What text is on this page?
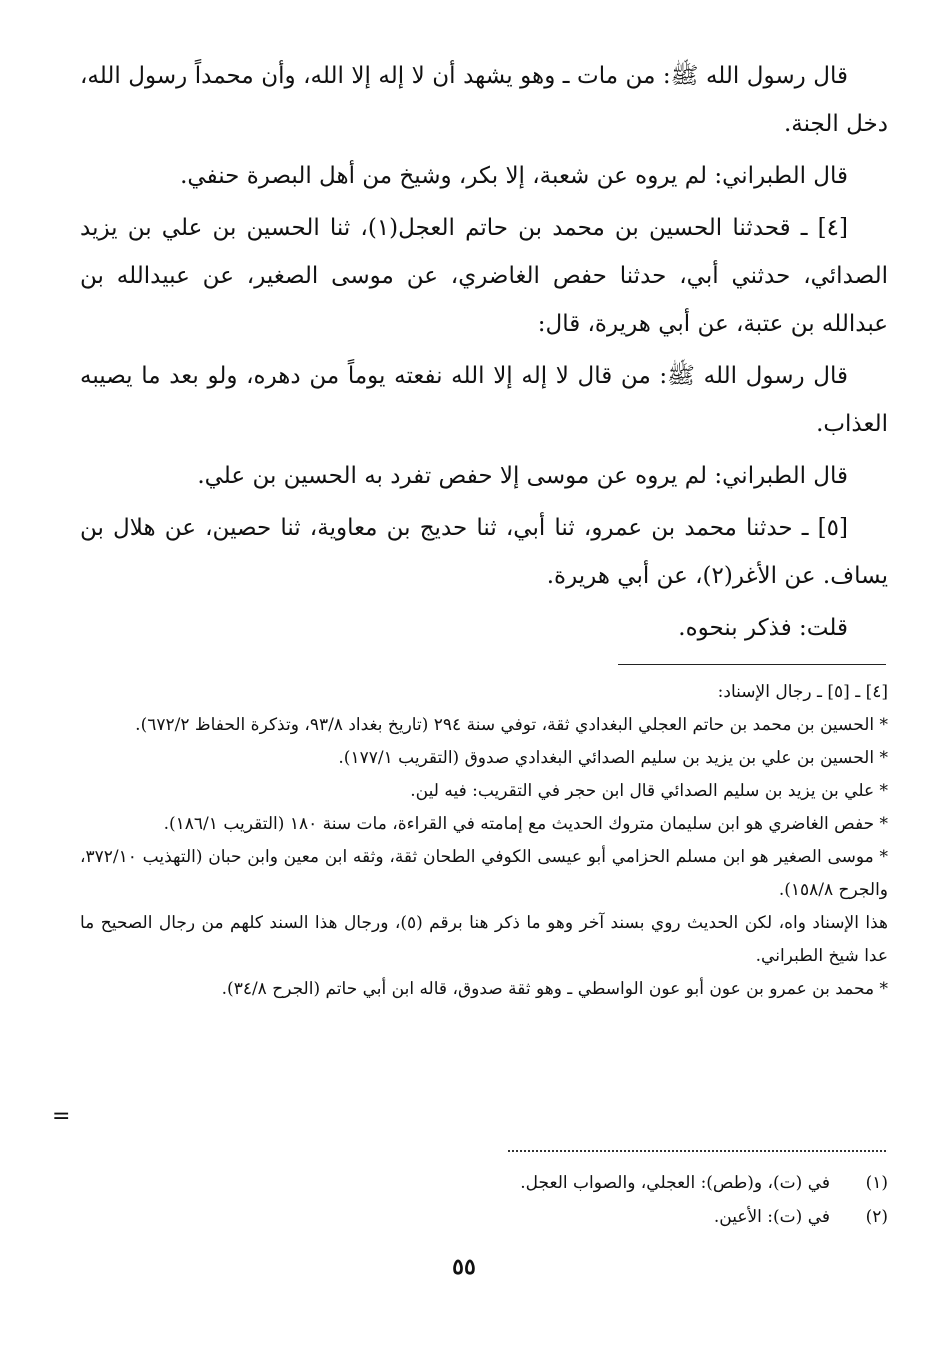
قال رسول الله ﷺ: من مات ـ وهو يشهد أن لا إله إلا الله، وأن محمداً رسول الله، دخل الجنة.

قال الطبراني: لم يروه عن شعبة، إلا بكر، وشيخ من أهل البصرة حنفي.

[٤] ـ قحدثنا الحسين بن محمد بن حاتم العجل(١)، ثنا الحسين بن علي بن يزيد الصدائي، حدثني أبي، حدثنا حفص الغاضري، عن موسى الصغير، عن عبيدالله بن عبدالله بن عتبة، عن أبي هريرة، قال:

قال رسول الله ﷺ: من قال لا إله إلا الله نفعته يوماً من دهره، ولو بعد ما يصيبه العذاب.

قال الطبراني: لم يروه عن موسى إلا حفص تفرد به الحسين بن علي.

[٥] ـ حدثنا محمد بن عمرو، ثنا أبي، ثنا حديج بن معاوية، ثنا حصين، عن هلال بن يساف. عن الأغر(٢)، عن أبي هريرة.

قلت: فذكر بنحوه.

[٤] ـ [٥] ـ رجال الإسناد:

* الحسين بن محمد بن حاتم العجلي البغدادي ثقة، توفي سنة ٢٩٤ (تاريخ بغداد ٩٣/٨، وتذكرة الحفاظ ٦٧٢/٢).

* الحسين بن علي بن يزيد بن سليم الصدائي البغدادي صدوق (التقريب ١٧٧/١).

* علي بن يزيد بن سليم الصدائي قال ابن حجر في التقريب: فيه لين.

* حفص الغاضري هو ابن سليمان متروك الحديث مع إمامته في القراءة، مات سنة ١٨٠ (التقريب ١٨٦/١).

* موسى الصغير هو ابن مسلم الحزامي أبو عيسى الكوفي الطحان ثقة، وثقه ابن معين وابن حبان (التهذيب ٣٧٢/١٠، والجرح ١٥٨/٨).

هذا الإسناد واه، لكن الحديث روي بسند آخر وهو ما ذكر هنا برقم (٥)، ورجال هذا السند كلهم من رجال الصحيح ما عدا شيخ الطبراني.

* محمد بن عمرو بن عون أبو عون الواسطي ـ وهو ثقة صدوق، قاله ابن أبي حاتم (الجرح ٣٤/٨).

=
(١)
في (ت)، و(طص): العجلي، والصواب العجل.
(٢)
في (ت): الأعين.
٥٥
